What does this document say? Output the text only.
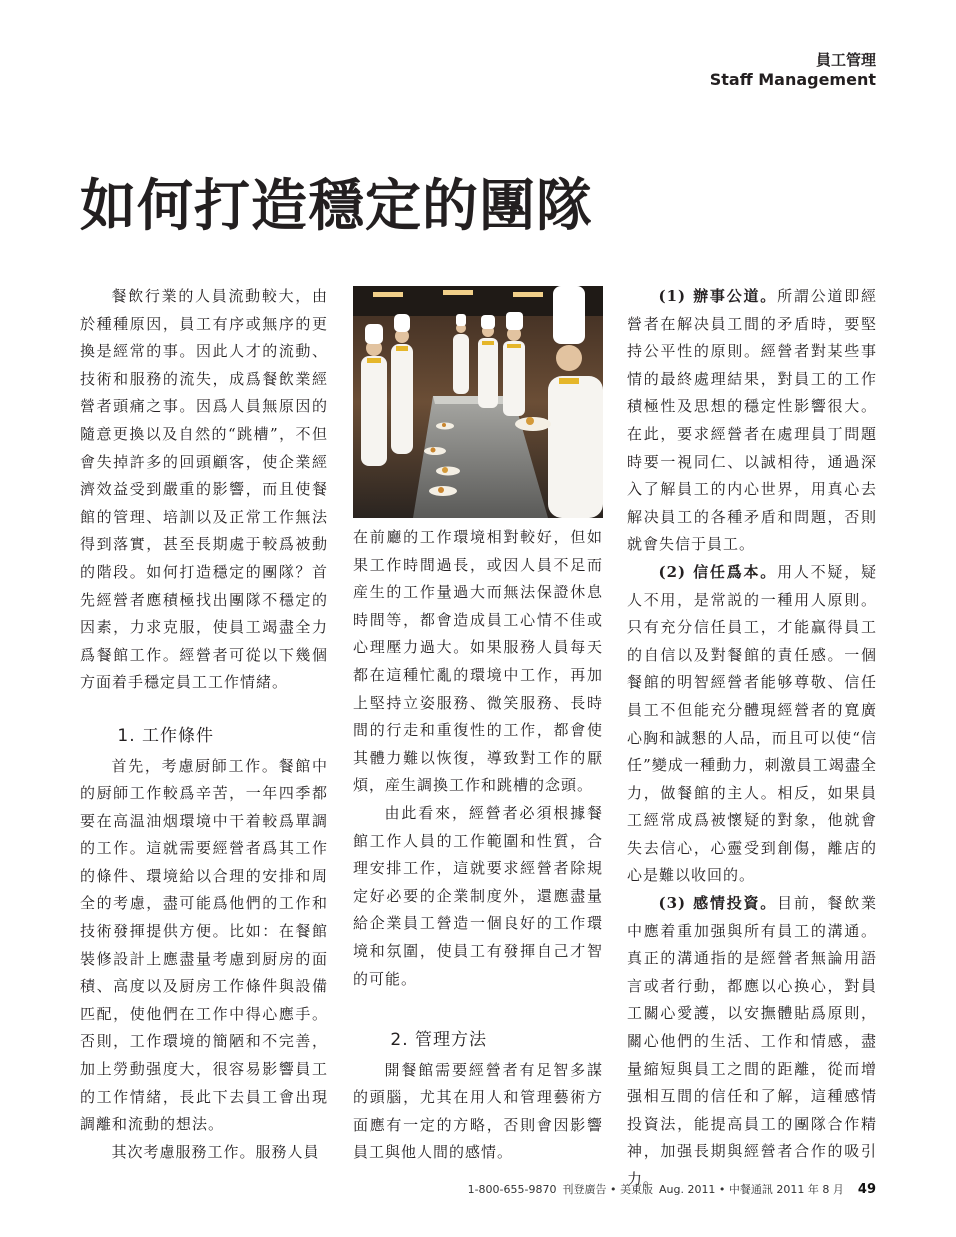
員工管理
Staff Management
如何打造穩定的團隊

餐飲行業的人員流動較大，由於種種原因，員工有序或無序的更換是經常的事。因此人才的流動、技術和服務的流失，成爲餐飲業經營者頭痛之事。因爲人員無原因的隨意更換以及自然的“跳槽”，不但會失掉許多的回頭顧客，使企業經濟效益受到嚴重的影響，而且使餐館的管理、培訓以及正常工作無法得到落實，甚至長期處于較爲被動的階段。如何打造穩定的團隊？首先經營者應積極找出團隊不穩定的因素，力求克服，使員工竭盡全力爲餐館工作。經營者可從以下幾個方面着手穩定員工工作情緒。

1. 工作條件

首先，考慮厨師工作。餐館中的厨師工作較爲辛苦，一年四季都要在高温油烟環境中干着較爲單調的工作。這就需要經營者爲其工作的條件、環境給以合理的安排和周全的考慮，盡可能爲他們的工作和技術發揮提供方便。比如：在餐館裝修設計上應盡量考慮到厨房的面積、高度以及厨房工作條件與設備匹配，使他們在工作中得心應手。否則，工作環境的簡陋和不完善，加上勞動强度大，很容易影響員工的工作情緒，長此下去員工會出現調離和流動的想法。

其次考慮服務工作。服務人員

在前廳的工作環境相對較好，但如果工作時間過長，或因人員不足而産生的工作量過大而無法保證休息時間等，都會造成員工心情不佳或心理壓力過大。如果服務人員每天都在這種忙亂的環境中工作，再加上堅持立姿服務、微笑服務、長時間的行走和重復性的工作，都會使其體力難以恢復，導致對工作的厭煩，産生調換工作和跳槽的念頭。

由此看來，經營者必須根據餐館工作人員的工作範圍和性質，合理安排工作，這就要求經營者除規定好必要的企業制度外，還應盡量給企業員工營造一個良好的工作環境和氛圍，使員工有發揮自己才智的可能。

2. 管理方法

開餐館需要經營者有足智多謀的頭腦，尤其在用人和管理藝術方面應有一定的方略，否則會因影響員工與他人間的感情。

(1) 辦事公道。所謂公道即經營者在解决員工間的矛盾時，要堅持公平性的原則。經營者對某些事情的最終處理結果，對員工的工作積極性及思想的穩定性影響很大。在此，要求經營者在處理員丁問題時要一視同仁、以誠相待，通過深入了解員工的内心世界，用真心去解决員工的各種矛盾和問題，否則就會失信于員工。

(2) 信任爲本。用人不疑，疑人不用，是常説的一種用人原則。只有充分信任員工，才能赢得員工的自信以及對餐館的責任感。一個餐館的明智經營者能够尊敬、信任員工不但能充分體現經營者的寬廣心胸和誠懇的人品，而且可以使“信任”變成一種動力，刺激員工竭盡全力，做餐館的主人。相反，如果員工經常成爲被懷疑的對象，他就會失去信心，心靈受到創傷，離店的心是難以收回的。

(3) 感情投資。目前，餐飲業中應着重加强與所有員工的溝通。真正的溝通指的是經營者無論用語言或者行動，都應以心换心，對員工關心愛護，以安撫體貼爲原則，關心他們的生活、工作和情感，盡量縮短與員工之間的距離，從而增强相互間的信任和了解，這種感情投資法，能提高員工的團隊合作精神，加强長期與經營者合作的吸引力。

1-800-655-9870 刊登廣告 • 美東版 Aug. 2011 • 中餐通訊 2011 年 8 月 49
